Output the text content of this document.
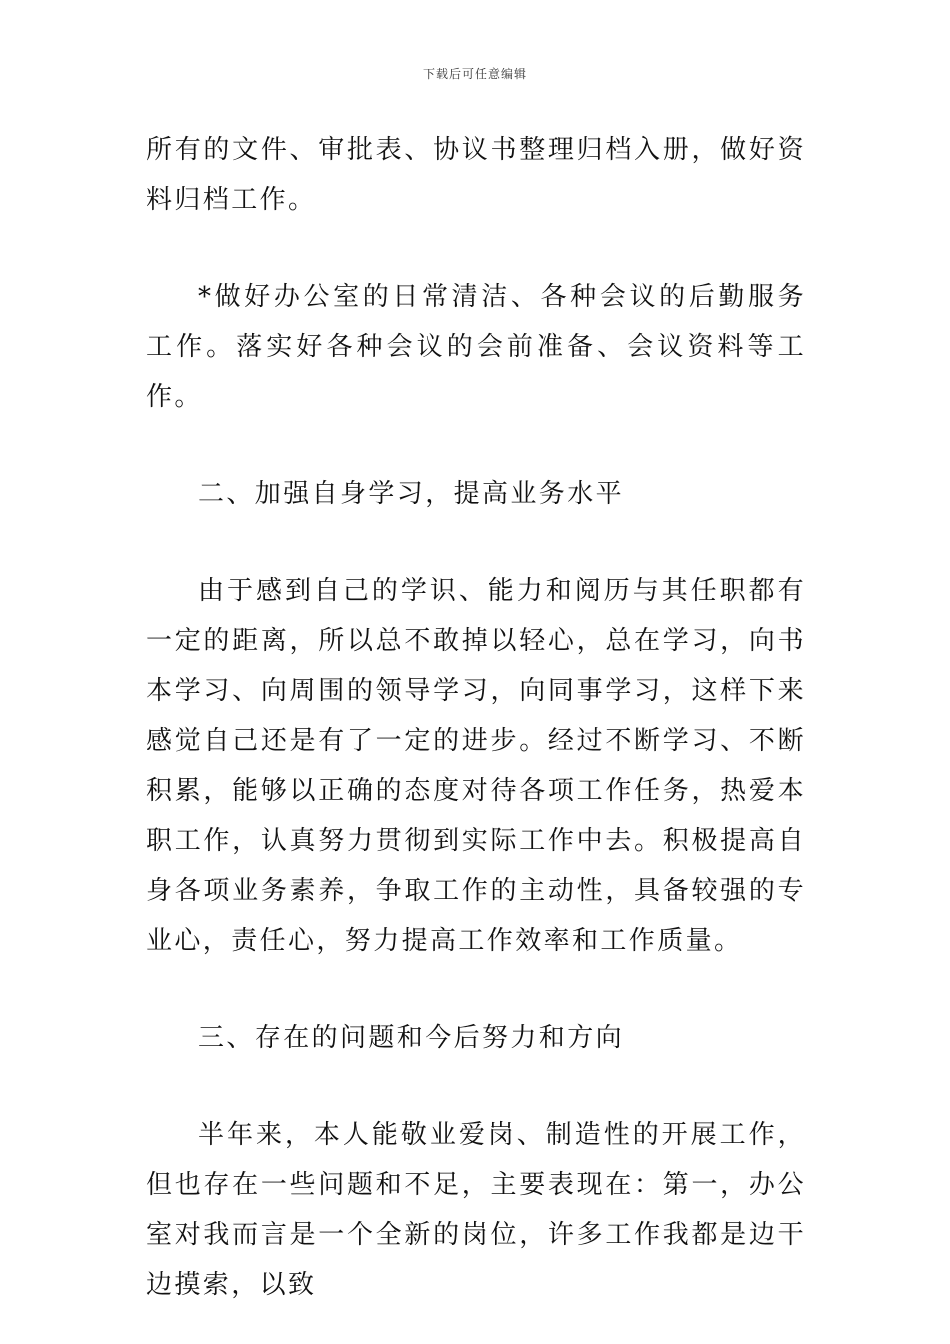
下载后可任意编辑

所有的文件、审批表、协议书整理归档入册，做好资料归档工作。

*做好办公室的日常清洁、各种会议的后勤服务工作。落实好各种会议的会前准备、会议资料等工作。

二、加强自身学习，提高业务水平

由于感到自己的学识、能力和阅历与其任职都有一定的距离，所以总不敢掉以轻心，总在学习，向书本学习、向周围的领导学习，向同事学习，这样下来感觉自己还是有了一定的进步。经过不断学习、不断积累，能够以正确的态度对待各项工作任务，热爱本职工作，认真努力贯彻到实际工作中去。积极提高自身各项业务素养，争取工作的主动性，具备较强的专业心，责任心，努力提高工作效率和工作质量。

三、存在的问题和今后努力和方向

半年来，本人能敬业爱岗、制造性的开展工作，但也存在一些问题和不足，主要表现在：第一，办公室对我而言是一个全新的岗位，许多工作我都是边干边摸索，以致
